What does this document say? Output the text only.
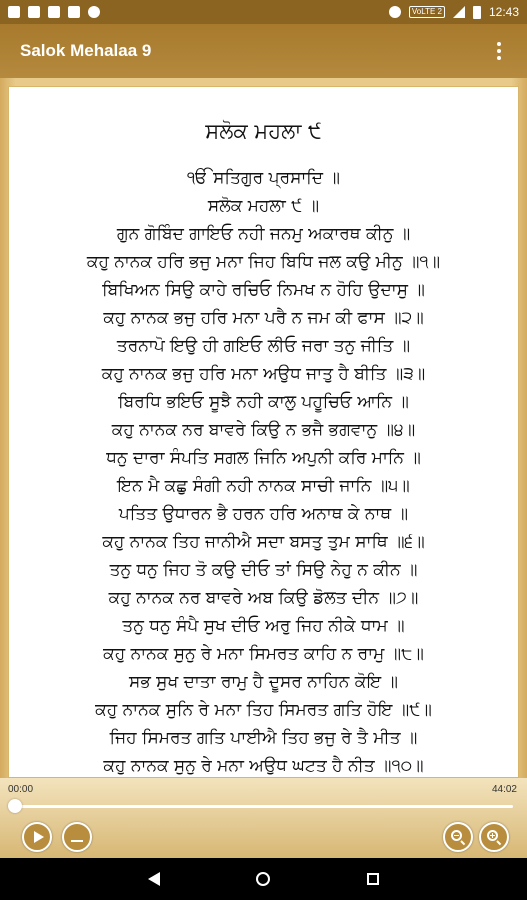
VoLTE 2	12:43
Salok Mehalaa 9
ਸਲੋਕ ਮਹਲਾ ੯
ੴ ਸਤਿਗੁਰ ਪ੍ਰਸਾਦਿ ॥
ਸਲੋਕ ਮਹਲਾ ੯ ॥
ਗੁਨ ਗੋਬਿੰਦ ਗਾਇਓ ਨਹੀ ਜਨਮੁ ਅਕਾਰਥ ਕੀਨੁ ॥
ਕਹੁ ਨਾਨਕ ਹਰਿ ਭਜੁ ਮਨਾ ਜਿਹ ਬਿਧਿ ਜਲ ਕਉ ਮੀਨੁ ॥੧॥
ਬਿਖਿਅਨ ਸਿਉ ਕਾਹੇ ਰਚਿਓ ਨਿਮਖ ਨ ਹੋਹਿ ਉਦਾਸੁ ॥
ਕਹੁ ਨਾਨਕ ਭਜੁ ਹਰਿ ਮਨਾ ਪਰੈ ਨ ਜਮ ਕੀ ਫਾਸ ॥੨॥
ਤਰਨਾਪੋ ਇਉ ਹੀ ਗਇਓ ਲੀਓ ਜਰਾ ਤਨੁ ਜੀਤਿ ॥
ਕਹੁ ਨਾਨਕ ਭਜੁ ਹਰਿ ਮਨਾ ਅਉਧ ਜਾਤੁ ਹੈ ਬੀਤਿ ॥੩॥
ਬਿਰਧਿ ਭਇਓ ਸੂਝੈ ਨਹੀ ਕਾਲੁ ਪਹੂਚਿਓ ਆਨਿ ॥
ਕਹੁ ਨਾਨਕ ਨਰ ਬਾਵਰੇ ਕਿਉ ਨ ਭਜੈ ਭਗਵਾਨੁ ॥੪॥
ਧਨੁ ਦਾਰਾ ਸੰਪਤਿ ਸਗਲ ਜਿਨਿ ਅਪੁਨੀ ਕਰਿ ਮਾਨਿ ॥
ਇਨ ਮੈ ਕਛੁ ਸੰਗੀ ਨਹੀ ਨਾਨਕ ਸਾਚੀ ਜਾਨਿ ॥੫॥
ਪਤਿਤ ਉਧਾਰਨ ਭੈ ਹਰਨ ਹਰਿ ਅਨਾਥ ਕੇ ਨਾਥ ॥
ਕਹੁ ਨਾਨਕ ਤਿਹ ਜਾਨੀਐ ਸਦਾ ਬਸਤੁ ਤੁਮ ਸਾਥਿ ॥੬॥
ਤਨੁ ਧਨੁ ਜਿਹ ਤੋ ਕਉ ਦੀਓ ਤਾਂ ਸਿਉ ਨੇਹੁ ਨ ਕੀਨ ॥
ਕਹੁ ਨਾਨਕ ਨਰ ਬਾਵਰੇ ਅਬ ਕਿਉ ਡੋਲਤ ਦੀਨ ॥੭॥
ਤਨੁ ਧਨੁ ਸੰਪੈ ਸੁਖ ਦੀਓ ਅਰੁ ਜਿਹ ਨੀਕੇ ਧਾਮ ॥
ਕਹੁ ਨਾਨਕ ਸੁਨੁ ਰੇ ਮਨਾ ਸਿਮਰਤ ਕਾਹਿ ਨ ਰਾਮੁ ॥੮॥
ਸਭ ਸੁਖ ਦਾਤਾ ਰਾਮੁ ਹੈ ਦੂਸਰ ਨਾਹਿਨ ਕੋਇ ॥
ਕਹੁ ਨਾਨਕ ਸੁਨਿ ਰੇ ਮਨਾ ਤਿਹ ਸਿਮਰਤ ਗਤਿ ਹੋਇ ॥੯॥
ਜਿਹ ਸਿਮਰਤ ਗਤਿ ਪਾਈਐ ਤਿਹ ਭਜੁ ਰੇ ਤੈ ਮੀਤ ॥
ਕਹੁ ਨਾਨਕ ਸੁਨੁ ਰੇ ਮਨਾ ਅਉਧ ਘਟਤ ਹੈ ਨੀਤ ॥੧੦॥
00:00	44:02
